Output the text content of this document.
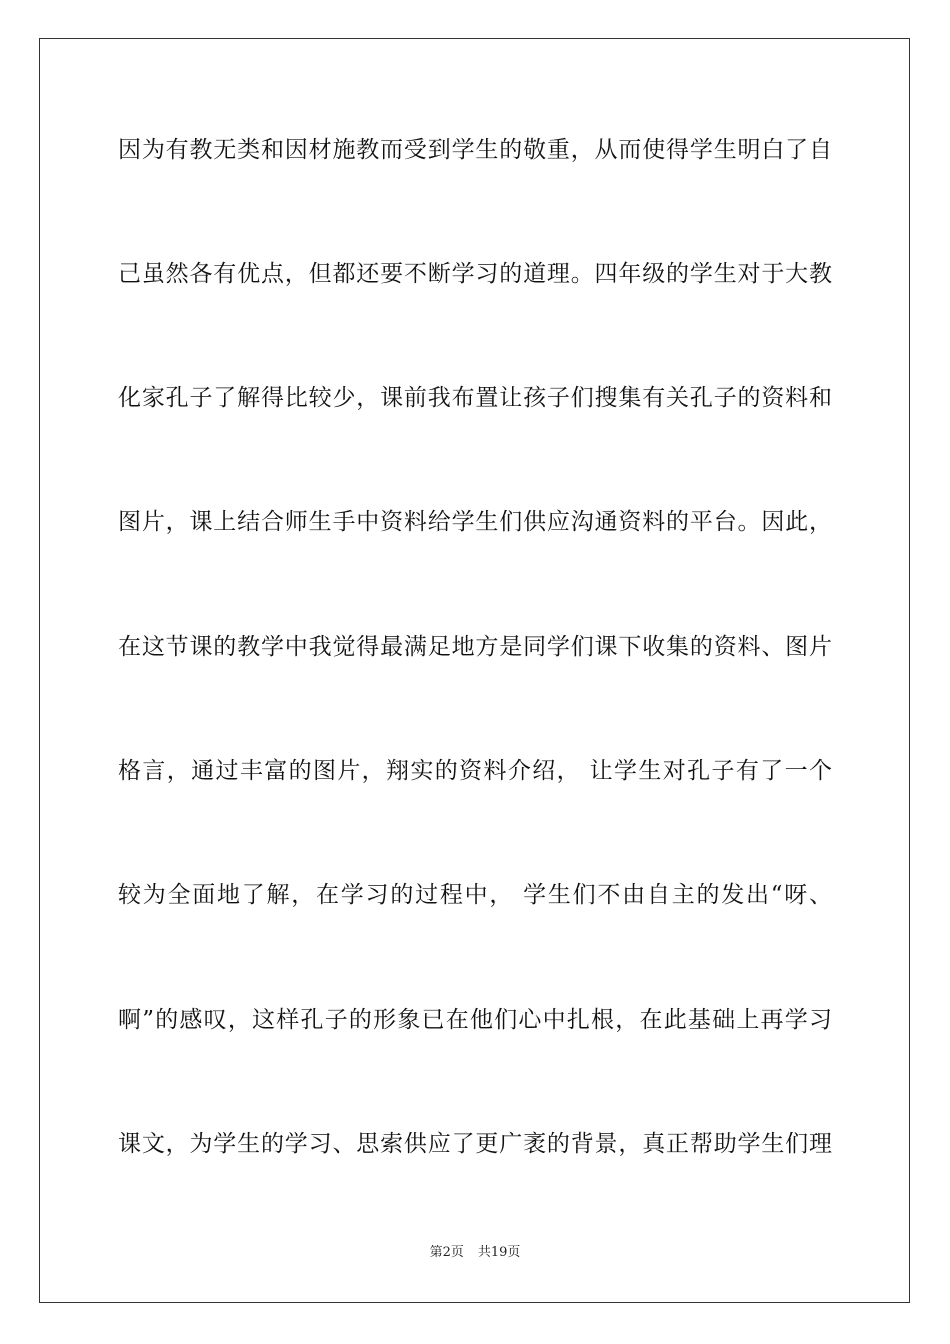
因为有教无类和因材施教而受到学生的敬重，从而使得学生明白了自
己虽然各有优点，但都还要不断学习的道理。四年级的学生对于大教
化家孔子了解得比较少，课前我布置让孩子们搜集有关孔子的资料和
图片，课上结合师生手中资料给学生们供应沟通资料的平台。因此，
在这节课的教学中我觉得最满足地方是同学们课下收集的资料、图片
格言，通过丰富的图片，翔实的资料介绍， 让学生对孔子有了一个
较为全面地了解，在学习的过程中， 学生们不由自主的发出“呀、
啊”的感叹，这样孔子的形象已在他们心中扎根，在此基础上再学习
课文，为学生的学习、思索供应了更广袤的背景，真正帮助学生们理
第2页 共19页
